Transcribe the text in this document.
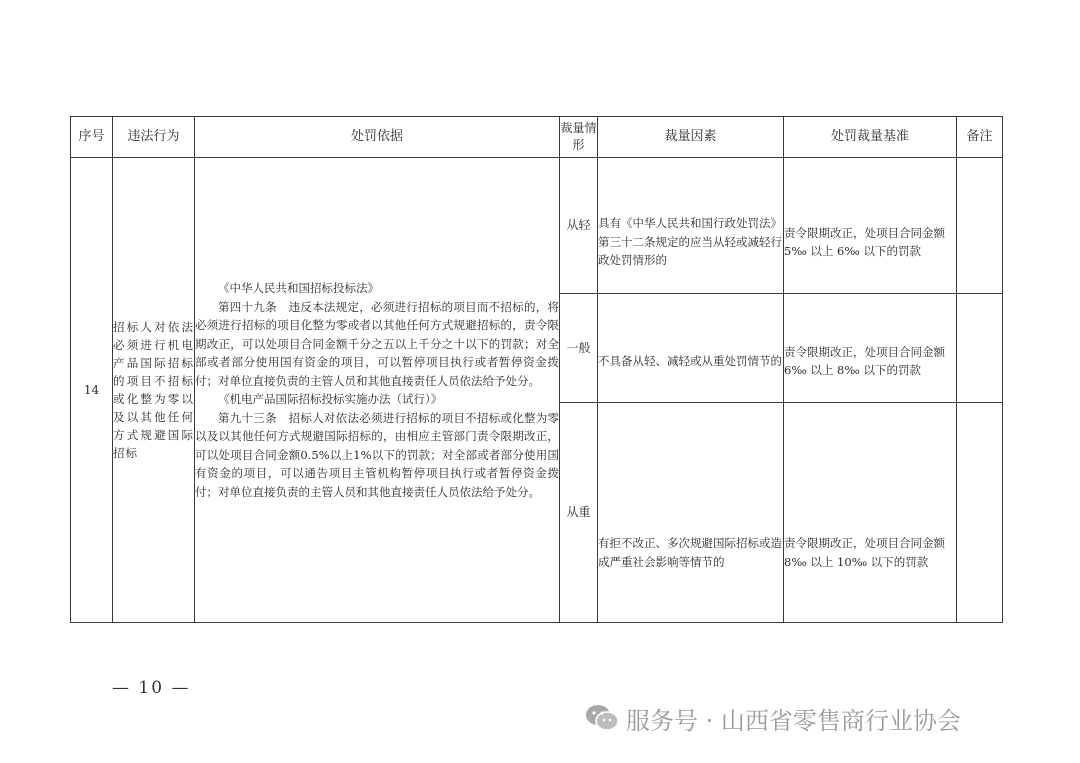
序号	违法行为	处罚依据	裁量情形	裁量因素	处罚裁量基准	备注
14	招标人对依法必须进行机电产品国际招标的项目不招标或化整为零以及以其他任何方式规避国际招标	《中华人民共和国招标投标法》

第四十九条　违反本法规定，必须进行招标的项目而不招标的，将必须进行招标的项目化整为零或者以其他任何方式规避招标的，责令限期改正，可以处项目合同金额千分之五以上千分之十以下的罚款；对全部或者部分使用国有资金的项目，可以暂停项目执行或者暂停资金拨付；对单位直接负责的主管人员和其他直接责任人员依法给予处分。

《机电产品国际招标投标实施办法（试行）》

第九十三条　招标人对依法必须进行招标的项目不招标或化整为零以及以其他任何方式规避国际招标的，由相应主管部门责令限期改正，可以处项目合同金额0.5%以上1%以下的罚款；对全部或者部分使用国有资金的项目，可以通告项目主管机构暂停项目执行或者暂停资金拨付；对单位直接负责的主管人员和其他直接责任人员依法给予处分。	从轻	具有《中华人民共和国行政处罚法》第三十二条规定的应当从轻或减轻行政处罚情形的	责令限期改正，处项目合同金额 5‰ 以上 6‰ 以下的罚款	

			一般	不具备从轻、减轻或从重处罚情节的	责令限期改正，处项目合同金额 6‰ 以上 8‰ 以下的罚款	

			从重	有拒不改正、多次规避国际招标或造成严重社会影响等情节的	责令限期改正，处项目合同金额 8‰ 以上 10‰ 以下的罚款	

— 10 —
服务号 · 山西省零售商行业协会
